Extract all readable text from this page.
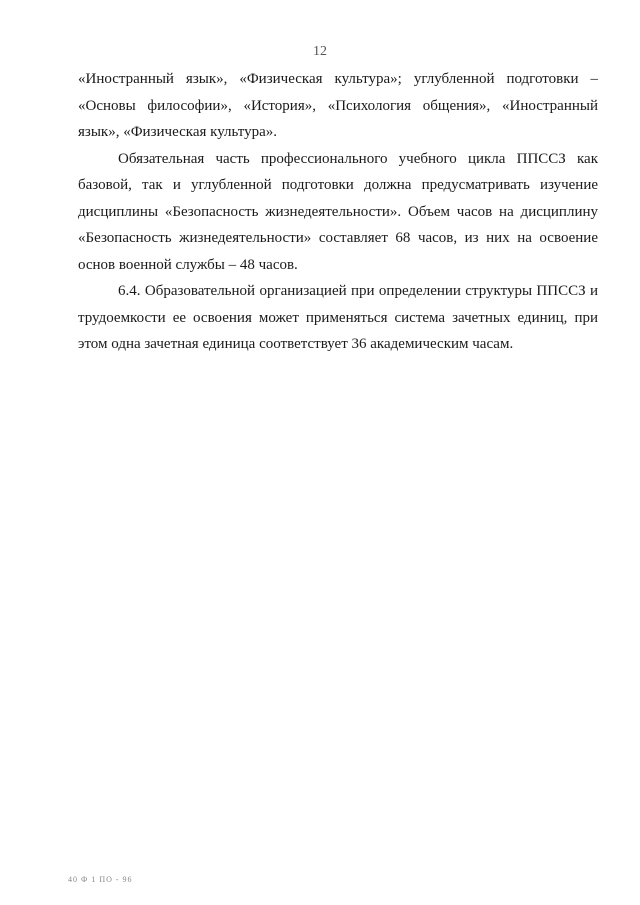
12

«Иностранный язык», «Физическая культура»; углубленной подготовки – «Основы философии», «История», «Психология общения», «Иностранный язык», «Физическая культура».

Обязательная часть профессионального учебного цикла ППССЗ как базовой, так и углубленной подготовки должна предусматривать изучение дисциплины «Безопасность жизнедеятельности». Объем часов на дисциплину «Безопасность жизнедеятельности» составляет 68 часов, из них на освоение основ военной службы – 48 часов.

6.4. Образовательной организацией при определении структуры ППССЗ и трудоемкости ее освоения может применяться система зачетных единиц, при этом одна зачетная единица соответствует 36 академическим часам.

40 Ф 1 ПО - 96
